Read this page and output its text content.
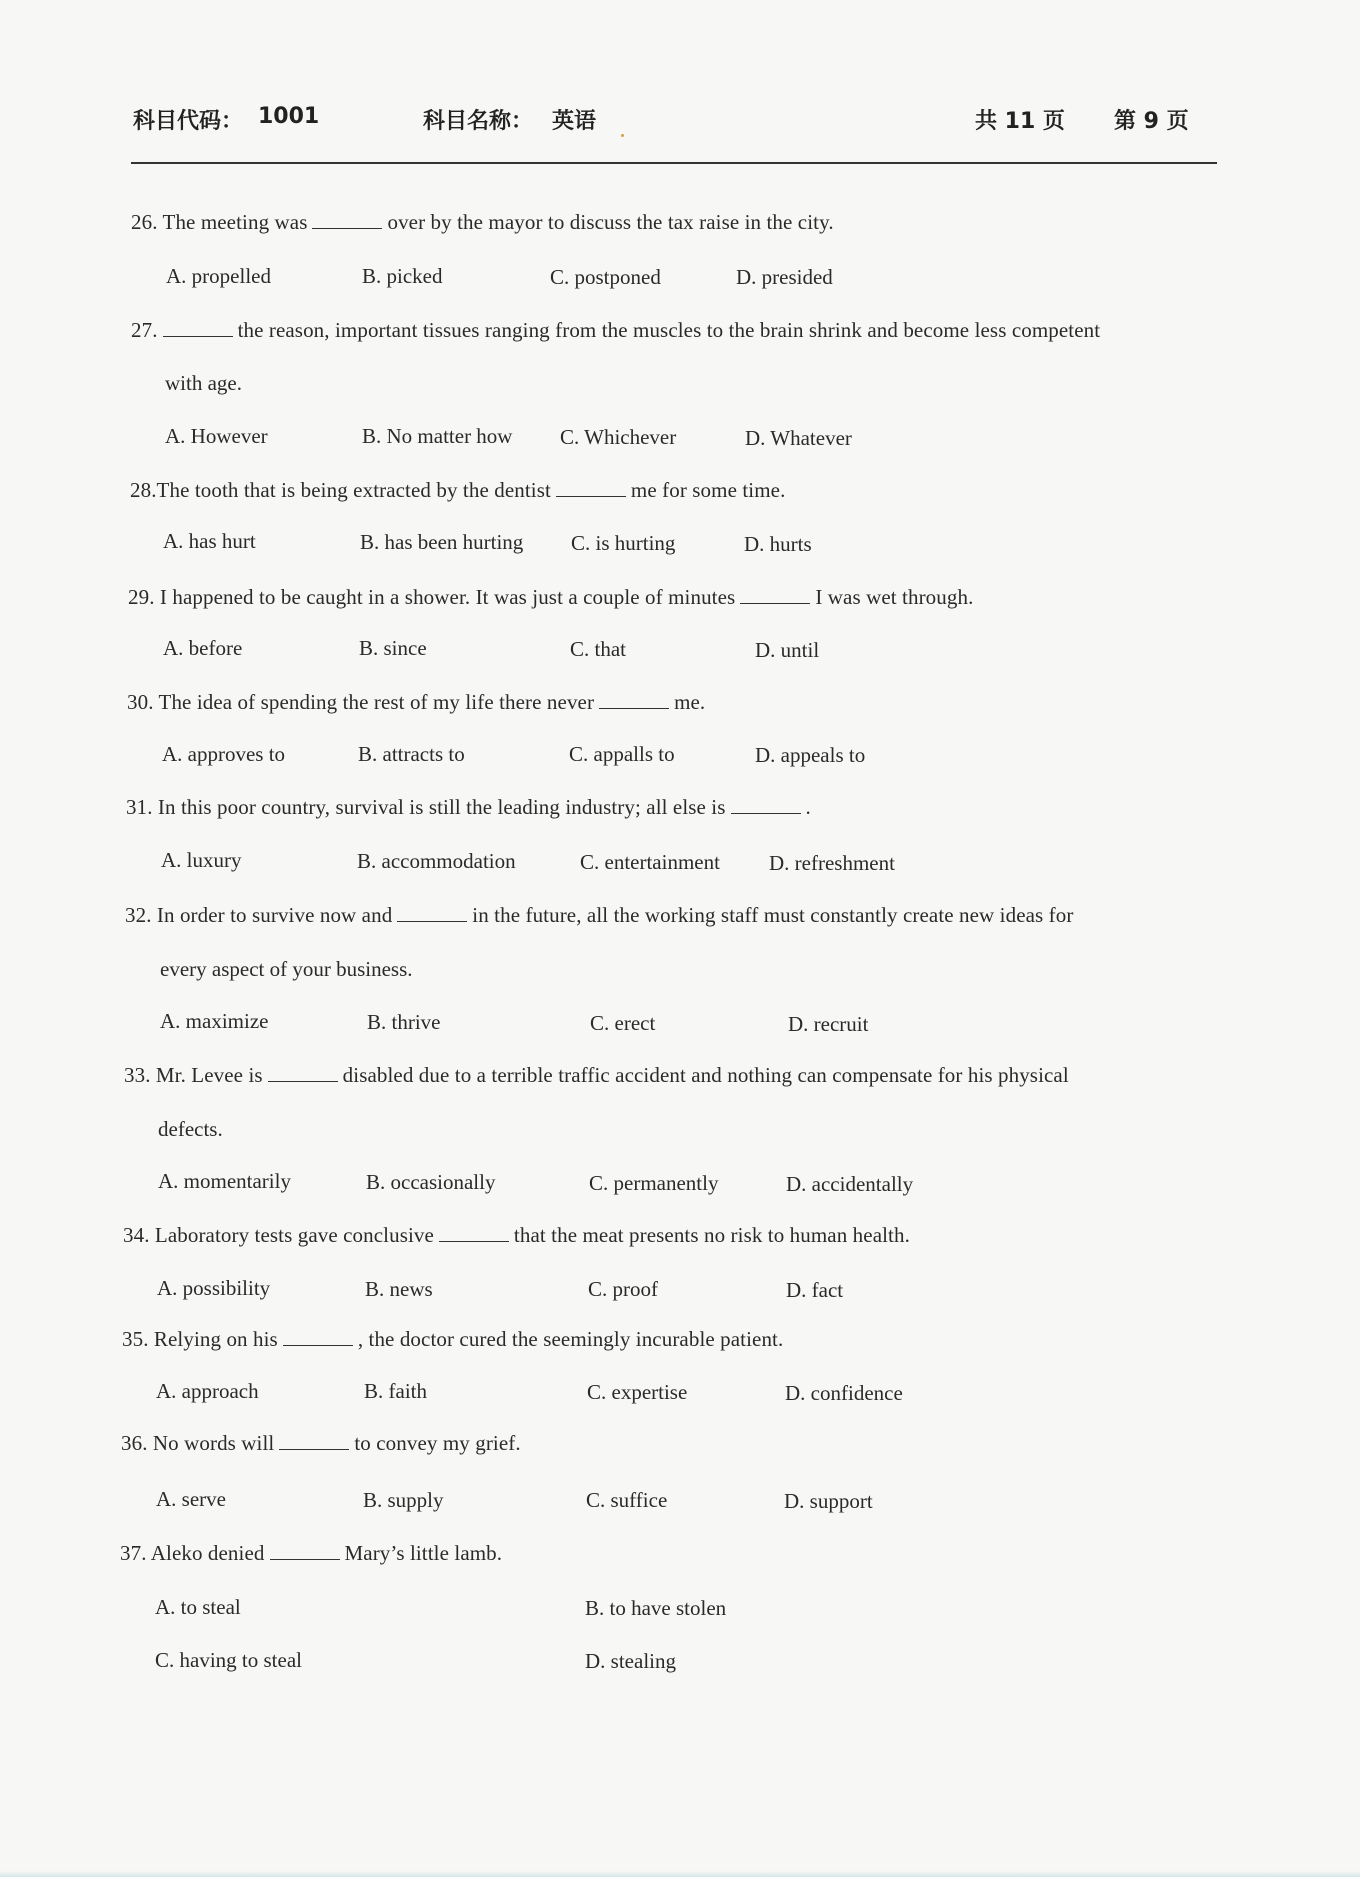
科目代码： 1001	科目名称： 英语	共 11 页 第 9 页
26. The meeting was	over by the mayor to discuss the tax raise in the city.
A. propelled	B. picked	C. postponed	D. presided
27.	the reason, important tissues ranging from the muscles to the brain shrink and become less competent
with age.
A. However	B. No matter how C. Whichever	D. Whatever
28.The tooth that is being extracted by the dentist	me for some time.
A. has hurt	B. has been hurting C. is hurting	D. hurts
29. I happened to be caught in a shower. It was just a couple of minutes	I was wet through.
A. before	B. since	C. that	D. until
30. The idea of spending the rest of my life there never	me.
A. approves to	B. attracts to	C. appalls to	D. appeals to
31. In this poor country, survival is still the leading industry; all else is	.
A. luxury	B. accommodation	C. entertainment D. refreshment
32. In order to survive now and	in the future, all the working staff must constantly create new ideas for
every aspect of your business.
A. maximize	B. thrive	C. erect	D. recruit
33. Mr. Levee is	disabled due to a terrible traffic accident and nothing can compensate for his physical
defects.
A. momentarily	B. occasionally	C. permanently	D. accidentally
34. Laboratory tests gave conclusive	that the meat presents no risk to human health.
A. possibility	B. news	C. proof	D. fact
35. Relying on his	, the doctor cured the seemingly incurable patient.
A. approach	B. faith	C. expertise	D. confidence
36. No words will	to convey my grief.
A. serve	B. supply	C. suffice	D. support
37. Aleko denied	Mary’s little lamb.
A. to steal	B. to have stolen
C. having to steal	D. stealing
